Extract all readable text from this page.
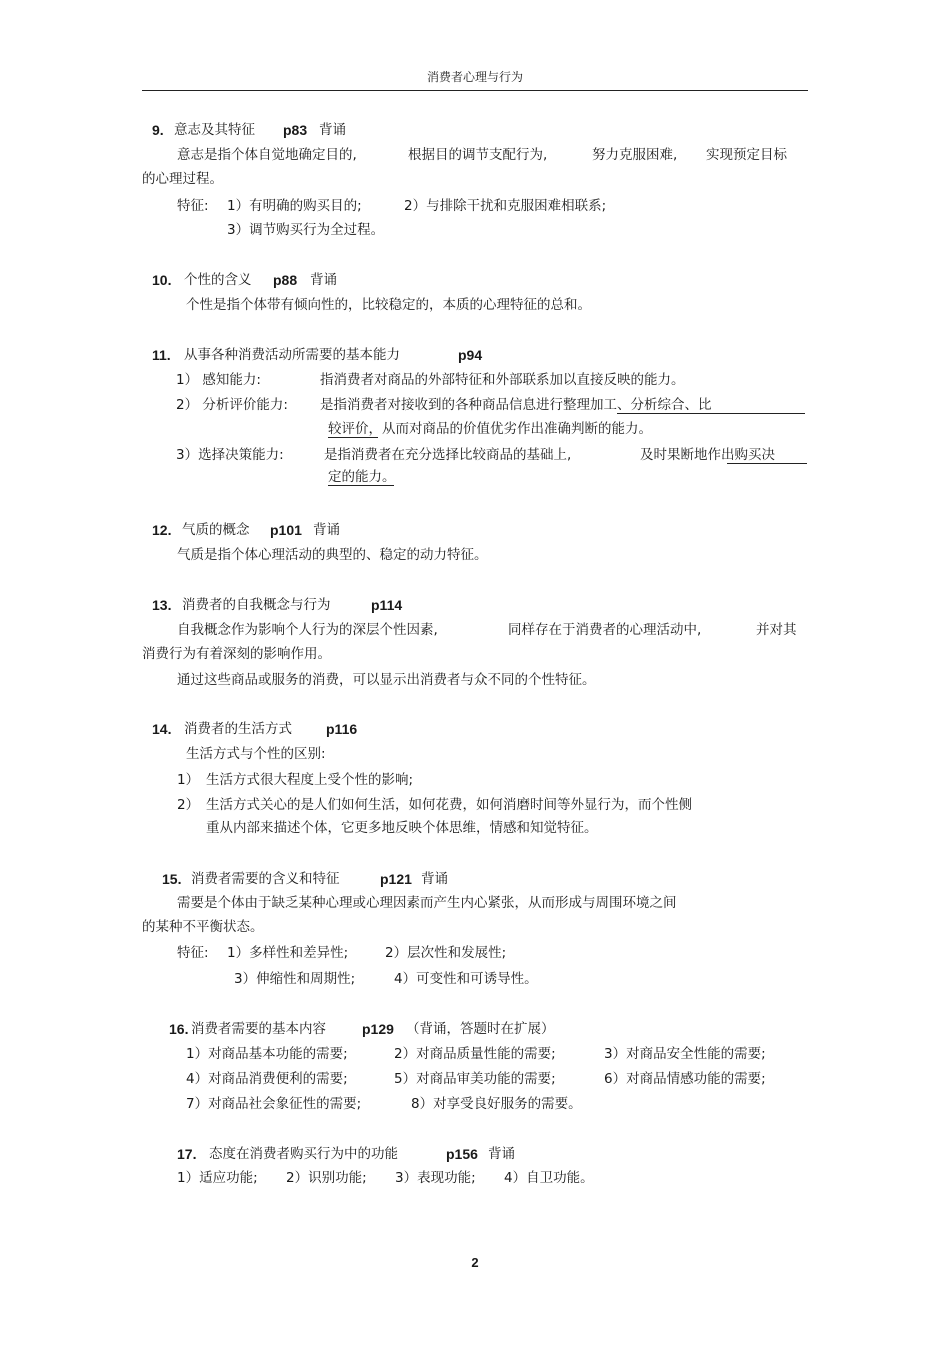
消费者心理与行为
9. 意志及其特征 p83 背诵
意志是指个体自觉地确定目的,	根据目的调节支配行为,	努力克服困难, 实现预定目标
的心理过程。
特征: 1）有明确的购买目的;	2）与排除干扰和克服困难相联系;
3）调节购买行为全过程。
10. 个性的含义 p88 背诵
个性是指个体带有倾向性的，比较稳定的，本质的心理特征的总和。
11. 从事各种消费活动所需要的基本能力	p94
1） 感知能力:	指消费者对商品的外部特征和外部联系加以直接反映的能力。
2） 分析评价能力: 是指消费者对接收到的各种商品信息进行整理加工、分析综合、比
较评价，从而对商品的价值优劣作出准确判断的能力。
3）选择决策能力:	是指消费者在充分选择比较商品的基础上,	及时果断地作出购买决
定的能力。
12. 气质的概念 p101 背诵
气质是指个体心理活动的典型的、稳定的动力特征。
13. 消费者的自我概念与行为	p114
自我概念作为影响个人行为的深层个性因素,	同样存在于消费者的心理活动中,	并对其
消费行为有着深刻的影响作用。
通过这些商品或服务的消费，可以显示出消费者与众不同的个性特征。
14. 消费者的生活方式 p116
生活方式与个性的区别:
1） 生活方式很大程度上受个性的影响;
2） 生活方式关心的是人们如何生活，如何花费，如何消磨时间等外显行为，而个性侧
重从内部来描述个体，它更多地反映个体思维，情感和知觉特征。
15. 消费者需要的含义和特征	p121 背诵
需要是个体由于缺乏某种心理或心理因素而产生内心紧张，从而形成与周围环境之间
的某种不平衡状态。
特征: 1）多样性和差异性;	2）层次性和发展性;
3）伸缩性和周期性;	4）可变性和可诱导性。
16. 消费者需要的基本内容	p129 （背诵，答题时在扩展）
1）对商品基本功能的需要;	2）对商品质量性能的需要;	3）对商品安全性能的需要;
4）对商品消费便利的需要;	5）对商品审美功能的需要;	6）对商品情感功能的需要;
7）对商品社会象征性的需要;	8）对享受良好服务的需要。
17. 态度在消费者购买行为中的功能	p156 背诵
1）适应功能; 2）识别功能; 3）表现功能; 4）自卫功能。
2
